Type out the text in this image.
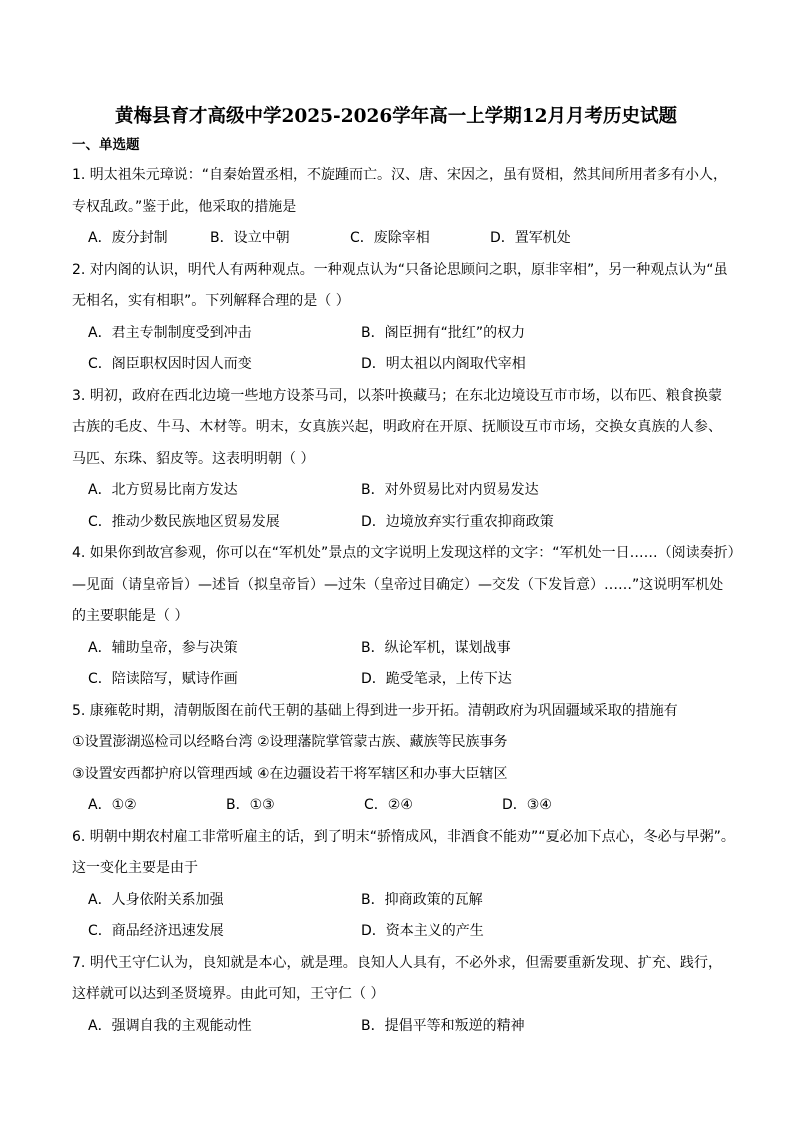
黄梅县育才高级中学2025-2026学年高一上学期12月月考历史试题
一、单选题
1. 明太祖朱元璋说：“自秦始置丞相，不旋踵而亡。汉、唐、宋因之，虽有贤相，然其间所用者多有小人，
专权乱政。”鉴于此，他采取的措施是
A．废分封制	B．设立中朝	C．废除宰相	D．置军机处
2. 对内阁的认识，明代人有两种观点。一种观点认为“只备论思顾问之职，原非宰相”，另一种观点认为“虽
无相名，实有相职”。下列解释合理的是（ ）
A．君主专制制度受到冲击	B．阁臣拥有“批红”的权力
C．阁臣职权因时因人而变	D．明太祖以内阁取代宰相
3. 明初，政府在西北边境一些地方设茶马司，以茶叶换藏马；在东北边境设互市市场，以布匹、粮食换蒙
古族的毛皮、牛马、木材等。明末，女真族兴起，明政府在开原、抚顺设互市市场，交换女真族的人参、
马匹、东珠、貂皮等。这表明明朝（ ）
A．北方贸易比南方发达	B．对外贸易比对内贸易发达
C．推动少数民族地区贸易发展	D．边境放弃实行重农抑商政策
4. 如果你到故宫参观，你可以在“军机处”景点的文字说明上发现这样的文字：“军机处一日……（阅读奏折）
—见面（请皇帝旨）—述旨（拟皇帝旨）—过朱（皇帝过目确定）—交发（下发旨意）……”这说明军机处
的主要职能是（ ）
A．辅助皇帝，参与决策	B．纵论军机，谋划战事
C．陪读陪写，赋诗作画	D．跪受笔录，上传下达
5. 康雍乾时期，清朝版图在前代王朝的基础上得到进一步开拓。清朝政府为巩固疆域采取的措施有
①设置澎湖巡检司以经略台湾 ②设理藩院掌管蒙古族、藏族等民族事务
③设置安西都护府以管理西域 ④在边疆设若干将军辖区和办事大臣辖区
A．①②	B．①③	C．②④	D．③④
6. 明朝中期农村雇工非常听雇主的话，到了明末“骄惰成风，非酒食不能劝”“夏必加下点心，冬必与早粥”。
这一变化主要是由于
A．人身依附关系加强	B．抑商政策的瓦解
C．商品经济迅速发展	D．资本主义的产生
7. 明代王守仁认为，良知就是本心，就是理。良知人人具有，不必外求，但需要重新发现、扩充、践行，
这样就可以达到圣贤境界。由此可知，王守仁（ ）
A．强调自我的主观能动性	B．提倡平等和叛逆的精神
